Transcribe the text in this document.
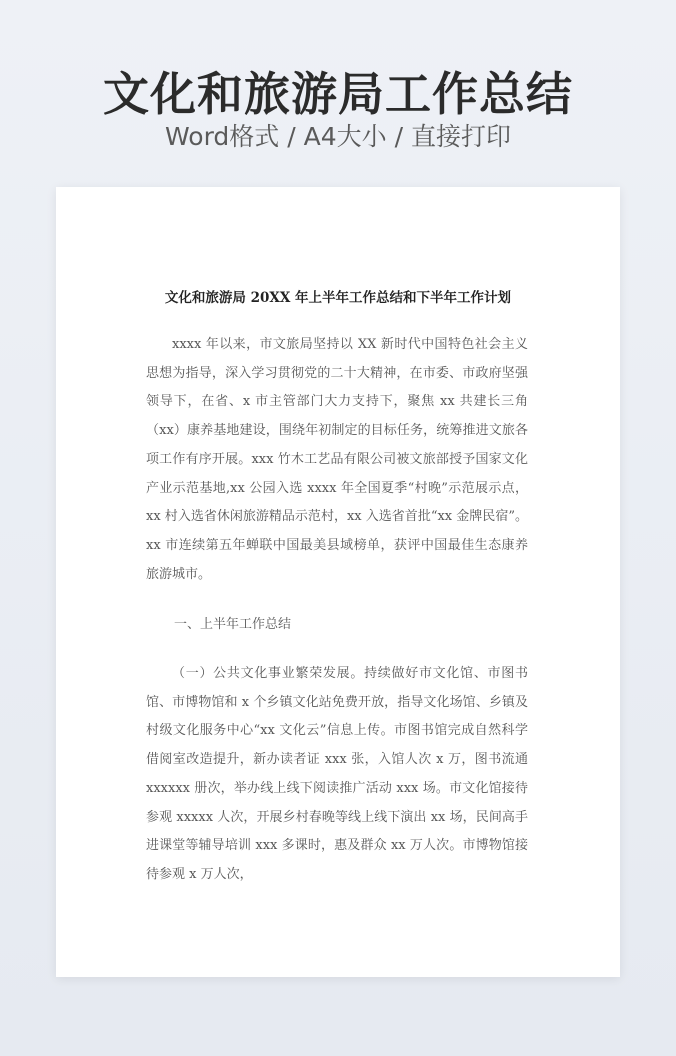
文化和旅游局工作总结
Word格式 / A4大小 / 直接打印
文化和旅游局 20XX 年上半年工作总结和下半年工作计划
xxxx 年以来，市文旅局坚持以 XX 新时代中国特色社会主义思想为指导，深入学习贯彻党的二十大精神，在市委、市政府坚强领导下，在省、x 市主管部门大力支持下，聚焦 xx 共建长三角（xx）康养基地建设，围绕年初制定的目标任务，统筹推进文旅各项工作有序开展。xxx 竹木工艺品有限公司被文旅部授予国家文化产业示范基地,xx 公园入选 xxxx 年全国夏季“村晚”示范展示点，xx 村入选省休闲旅游精品示范村，xx 入选省首批“xx 金牌民宿”。xx 市连续第五年蝉联中国最美县域榜单，获评中国最佳生态康养旅游城市。
一、上半年工作总结
（一）公共文化事业繁荣发展。持续做好市文化馆、市图书馆、市博物馆和 x 个乡镇文化站免费开放，指导文化场馆、乡镇及村级文化服务中心“xx 文化云”信息上传。市图书馆完成自然科学借阅室改造提升，新办读者证 xxx 张，入馆人次 x 万，图书流通 xxxxxx 册次，举办线上线下阅读推广活动 xxx 场。市文化馆接待参观 xxxxx 人次，开展乡村春晚等线上线下演出 xx 场，民间高手进课堂等辅导培训 xxx 多课时，惠及群众 xx 万人次。市博物馆接待参观 x 万人次，
